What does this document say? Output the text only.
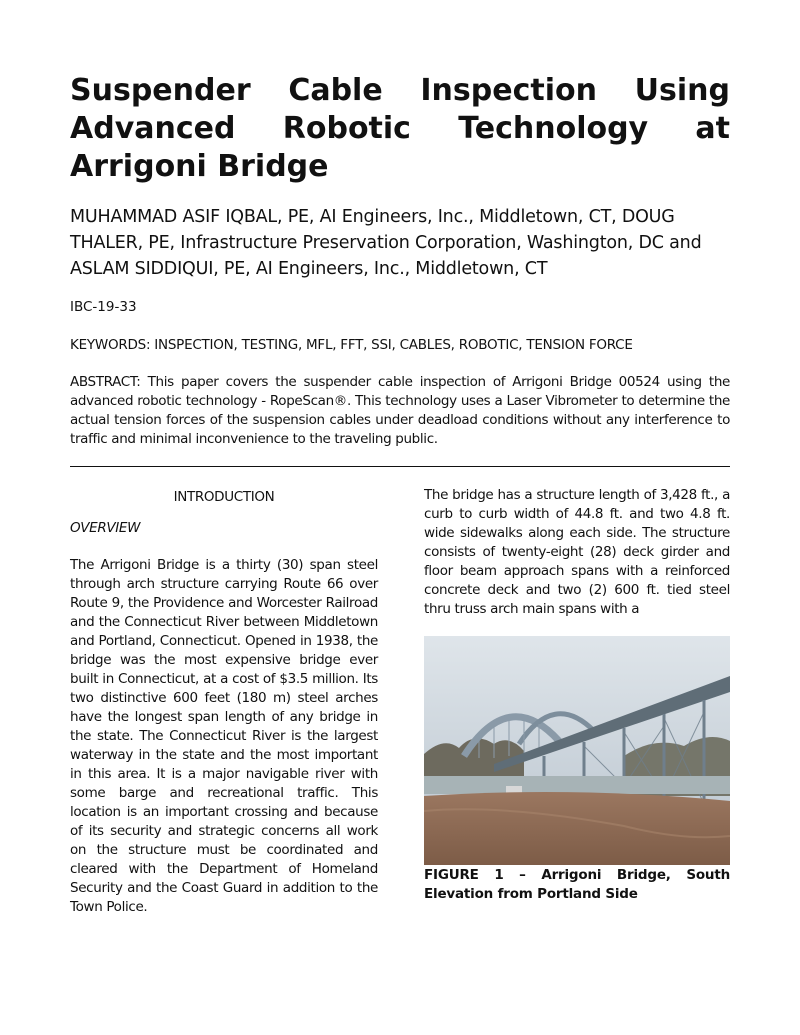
Suspender Cable Inspection Using Advanced Robotic Technology at Arrigoni Bridge
MUHAMMAD ASIF IQBAL, PE, AI Engineers, Inc., Middletown, CT, DOUG THALER, PE, Infrastructure Preservation Corporation, Washington, DC and ASLAM SIDDIQUI, PE, AI Engineers, Inc., Middletown, CT
IBC-19-33
KEYWORDS: INSPECTION, TESTING, MFL, FFT, SSI, CABLES, ROBOTIC, TENSION FORCE
ABSTRACT: This paper covers the suspender cable inspection of Arrigoni Bridge 00524 using the advanced robotic technology - RopeScan®. This technology uses a Laser Vibrometer to determine the actual tension forces of the suspension cables under deadload conditions without any interference to traffic and minimal inconvenience to the traveling public.
INTRODUCTION
OVERVIEW
The Arrigoni Bridge is a thirty (30) span steel through arch structure carrying Route 66 over Route 9, the Providence and Worcester Railroad and the Connecticut River between Middletown and Portland, Connecticut. Opened in 1938, the bridge was the most expensive bridge ever built in Connecticut, at a cost of $3.5 million. Its two distinctive 600 feet (180 m) steel arches have the longest span length of any bridge in the state. The Connecticut River is the largest waterway in the state and the most important in this area. It is a major navigable river with some barge and recreational traffic. This location is an important crossing and because of its security and strategic concerns all work on the structure must be coordinated and cleared with the Department of Homeland Security and the Coast Guard in addition to the Town Police.
The bridge has a structure length of 3,428 ft., a curb to curb width of 44.8 ft. and two 4.8 ft. wide sidewalks along each side. The structure consists of twenty-eight (28) deck girder and floor beam approach spans with a reinforced concrete deck and two (2) 600 ft. tied steel thru truss arch main spans with a
FIGURE 1 – Arrigoni Bridge, South Elevation from Portland Side
